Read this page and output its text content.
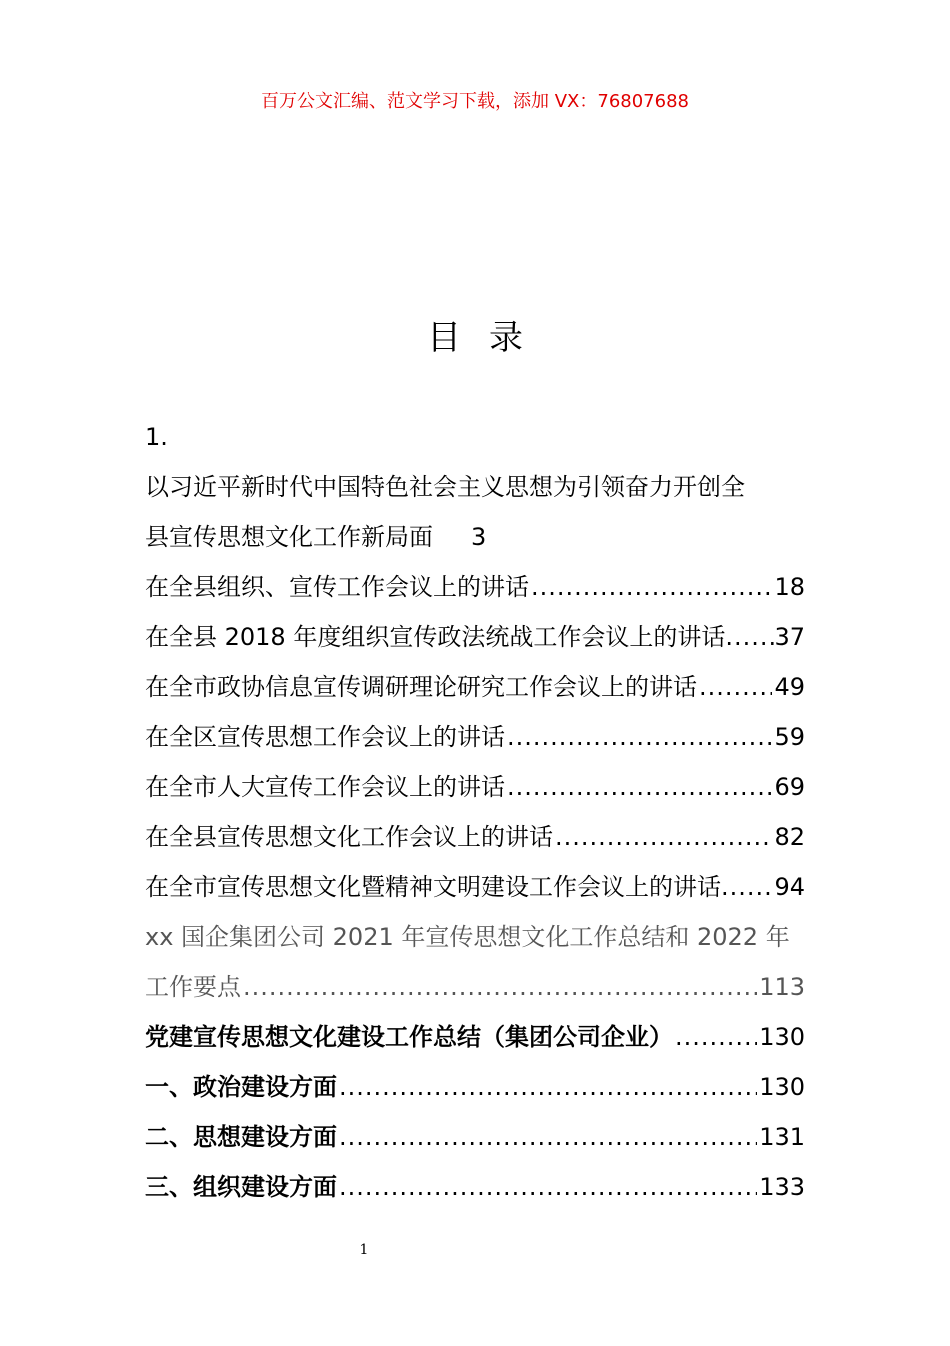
百万公文汇编、范文学习下载，添加 VX：76807688
目录
1.
以习近平新时代中国特色社会主义思想为引领奋力开创全
县宣传思想文化工作新局面 3
在全县组织、宣传工作会议上的讲话 .....	18
在全县 2018 年度组织宣传政法统战工作会议上的讲话 ..... 37
在全市政协信息宣传调研理论研究工作会议上的讲话 .....	49
在全区宣传思想工作会议上的讲话 .....	59
在全市人大宣传工作会议上的讲话 .....	69
在全县宣传思想文化工作会议上的讲话 .....	82
在全市宣传思想文化暨精神文明建设工作会议上的讲话 ..... 94
xx 国企集团公司 2021 年宣传思想文化工作总结和 2022 年
工作要点 .....	113
党建宣传思想文化建设工作总结（集团公司企业） .....	130
一、政治建设方面 .....	130
二、思想建设方面 .....	131
三、组织建设方面 .....	133
1
